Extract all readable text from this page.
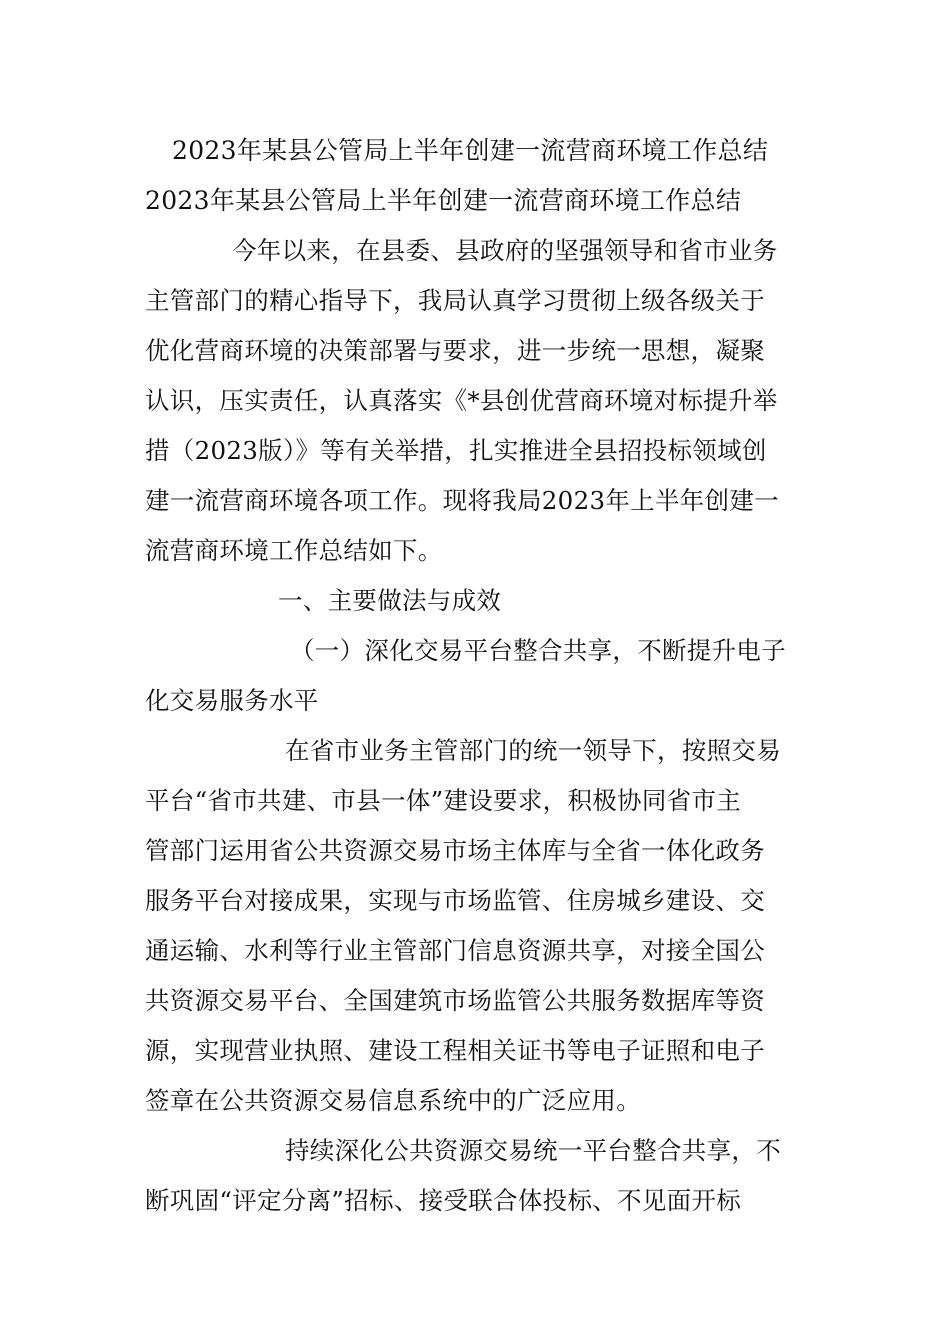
2023年某县公管局上半年创建一流营商环境工作总结
2023年某县公管局上半年创建一流营商环境工作总结
今年以来，在县委、县政府的坚强领导和省市业务
主管部门的精心指导下，我局认真学习贯彻上级各级关于
优化营商环境的决策部署与要求，进一步统一思想，凝聚
认识，压实责任，认真落实《*县创优营商环境对标提升举
措（2023版）》等有关举措，扎实推进全县招投标领域创
建一流营商环境各项工作。现将我局2023年上半年创建一
流营商环境工作总结如下。
一、主要做法与成效
（一）深化交易平台整合共享，不断提升电子
化交易服务水平
在省市业务主管部门的统一领导下，按照交易
平台“省市共建、市县一体”建设要求，积极协同省市主
管部门运用省公共资源交易市场主体库与全省一体化政务
服务平台对接成果，实现与市场监管、住房城乡建设、交
通运输、水利等行业主管部门信息资源共享，对接全国公
共资源交易平台、全国建筑市场监管公共服务数据库等资
源，实现营业执照、建设工程相关证书等电子证照和电子
签章在公共资源交易信息系统中的广泛应用。
持续深化公共资源交易统一平台整合共享，不
断巩固“评定分离”招标、接受联合体投标、不见面开标
